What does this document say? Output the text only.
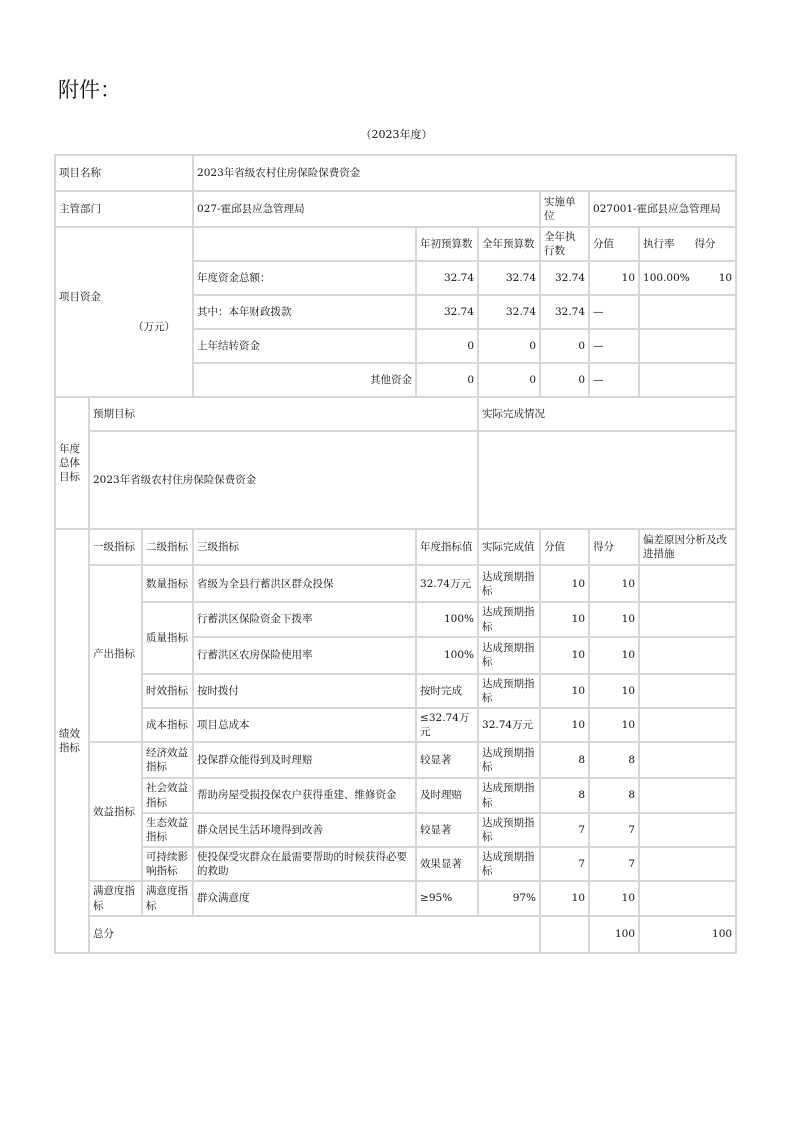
附件：
（2023年度）
项目名称			2023年省级农村住房保险保费资金						
主管部门			027-霍邱县应急管理局			实施单位	027001-霍邱县应急管理局		
项目资金
（万元）				年初预算数	全年预算数	全年执行数	分值	执行率 得分	
			年度资金总额：	32.74	32.74	32.74	10	100.00% 10	

			其中：本年财政拨款	32.74	32.74	32.74	—		
			上年结转资金	0	0	0	—		
			其他资金	0	0	0	—		
年度总体目标	预期目标				实际完成情况				
	2023年省级农村住房保险保费资金								
绩效指标	一级指标	二级指标	三级指标	年度指标值	实际完成值	分值	得分	偏差原因分析及改进措施	
	产出指标	数量指标	省级为全县行蓄洪区群众投保	32.74万元	达成预期指标	10	10		
		质量指标	行蓄洪区保险资金下拨率	100%	达成预期指标	10	10		
			行蓄洪区农房保险使用率	100%	达成预期指标	10	10		
		时效指标	按时拨付	按时完成	达成预期指标	10	10		
		成本指标	项目总成本	≤32.74万元	32.74万元	10	10		
	效益指标	经济效益指标	投保群众能得到及时理赔	较显著	达成预期指标	8	8		
		社会效益指标	帮助房屋受损投保农户获得重建、维修资金	及时理赔	达成预期指标	8	8		
		生态效益指标	群众居民生活环境得到改善	较显著	达成预期指标	7	7		
		可持续影响指标	使投保受灾群众在最需要帮助的时候获得必要的救助	效果显著	达成预期指标	7	7		
	满意度指标	满意度指标	群众满意度	≥95%	97%	10	10		
	总分						100	100	
